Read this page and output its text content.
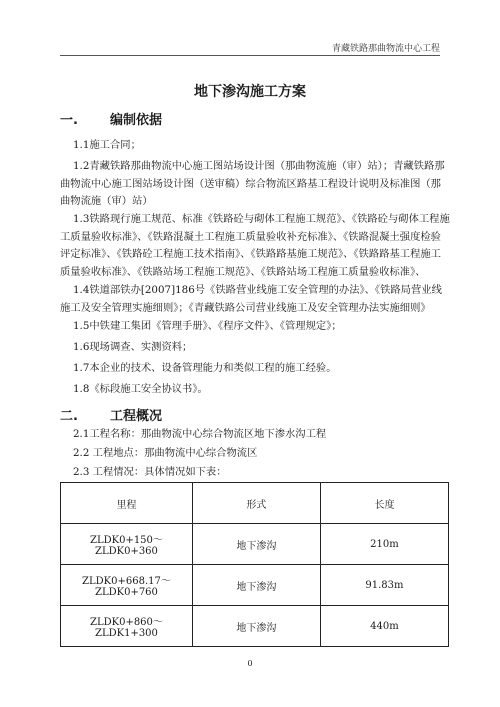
青藏铁路那曲物流中心工程
地下渗沟施工方案
一. 编制依据
1.1施工合同；
1.2青藏铁路那曲物流中心施工图站场设计图（那曲物流施（审）站）；青藏铁路那曲物流中心施工图站场设计图（送审稿）综合物流区路基工程设计说明及标准图（那曲物流施（审）站）
1.3铁路现行施工规范、标准《铁路砼与砌体工程施工规范》、《铁路砼与砌体工程施工质量验收标准》、《铁路混凝土工程施工质量验收补充标准》、《铁路混凝土强度检验评定标准》、《铁路砼工程施工技术指南》、《铁路路基施工规范》、《铁路路基工程施工质量验收标准》、《铁路站场工程施工规范》、《铁路站场工程施工质量验收标准》、
1.4铁道部铁办[2007]186号《铁路营业线施工安全管理的办法》、《铁路局营业线施工及安全管理实施细则》；《青藏铁路公司营业线施工及安全管理办法实施细则》
1.5中铁建工集团《管理手册》、《程序文件》、《管理规定》；
1.6现场调查、实测资料；
1.7本企业的技术、设备管理能力和类似工程的施工经验。
1.8《标段施工安全协议书》。
二. 工程概况
2.1工程名称：那曲物流中心综合物流区地下渗水沟工程
2.2 工程地点：那曲物流中心综合物流区
2.3 工程情况：具体情况如下表：
里程	形式	长度
ZLDK0+150～ZLDK0+360	地下渗沟	210m
ZLDK0+668.17～ZLDK0+760	地下渗沟	91.83m
ZLDK0+860～ZLDK1+300	地下渗沟	440m
0
